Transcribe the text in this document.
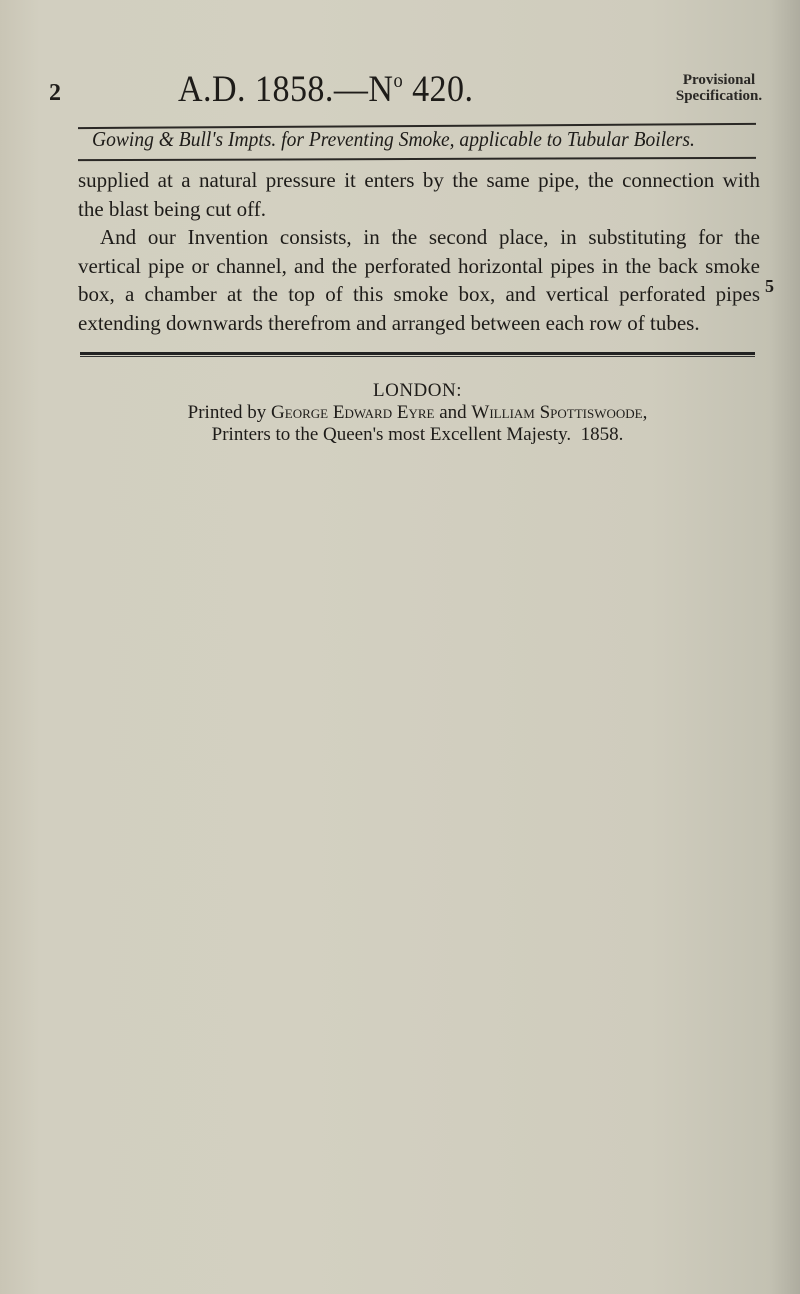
2	A.D. $1858.—N^o$ 420.	Provisional
Specification.
Gowing & Bull's Impts. for Preventing Smoke, applicable to Tubular Boilers.

supplied at a natural pressure it enters by the same pipe, the connection with

the blast being cut off.

And our Invention consists, in the second place, in substituting for the

vertical pipe or channel, and the perforated horizontal pipes in the back smoke

box, a chamber at the top of this smoke box, and vertical perforated pipes

extending downwards therefrom and arranged between each row of tubes.

5
LONDON:
Printed by George Edward Eyre and William Spottiswoode,
Printers to the Queen's most Excellent Majesty. 1858.
